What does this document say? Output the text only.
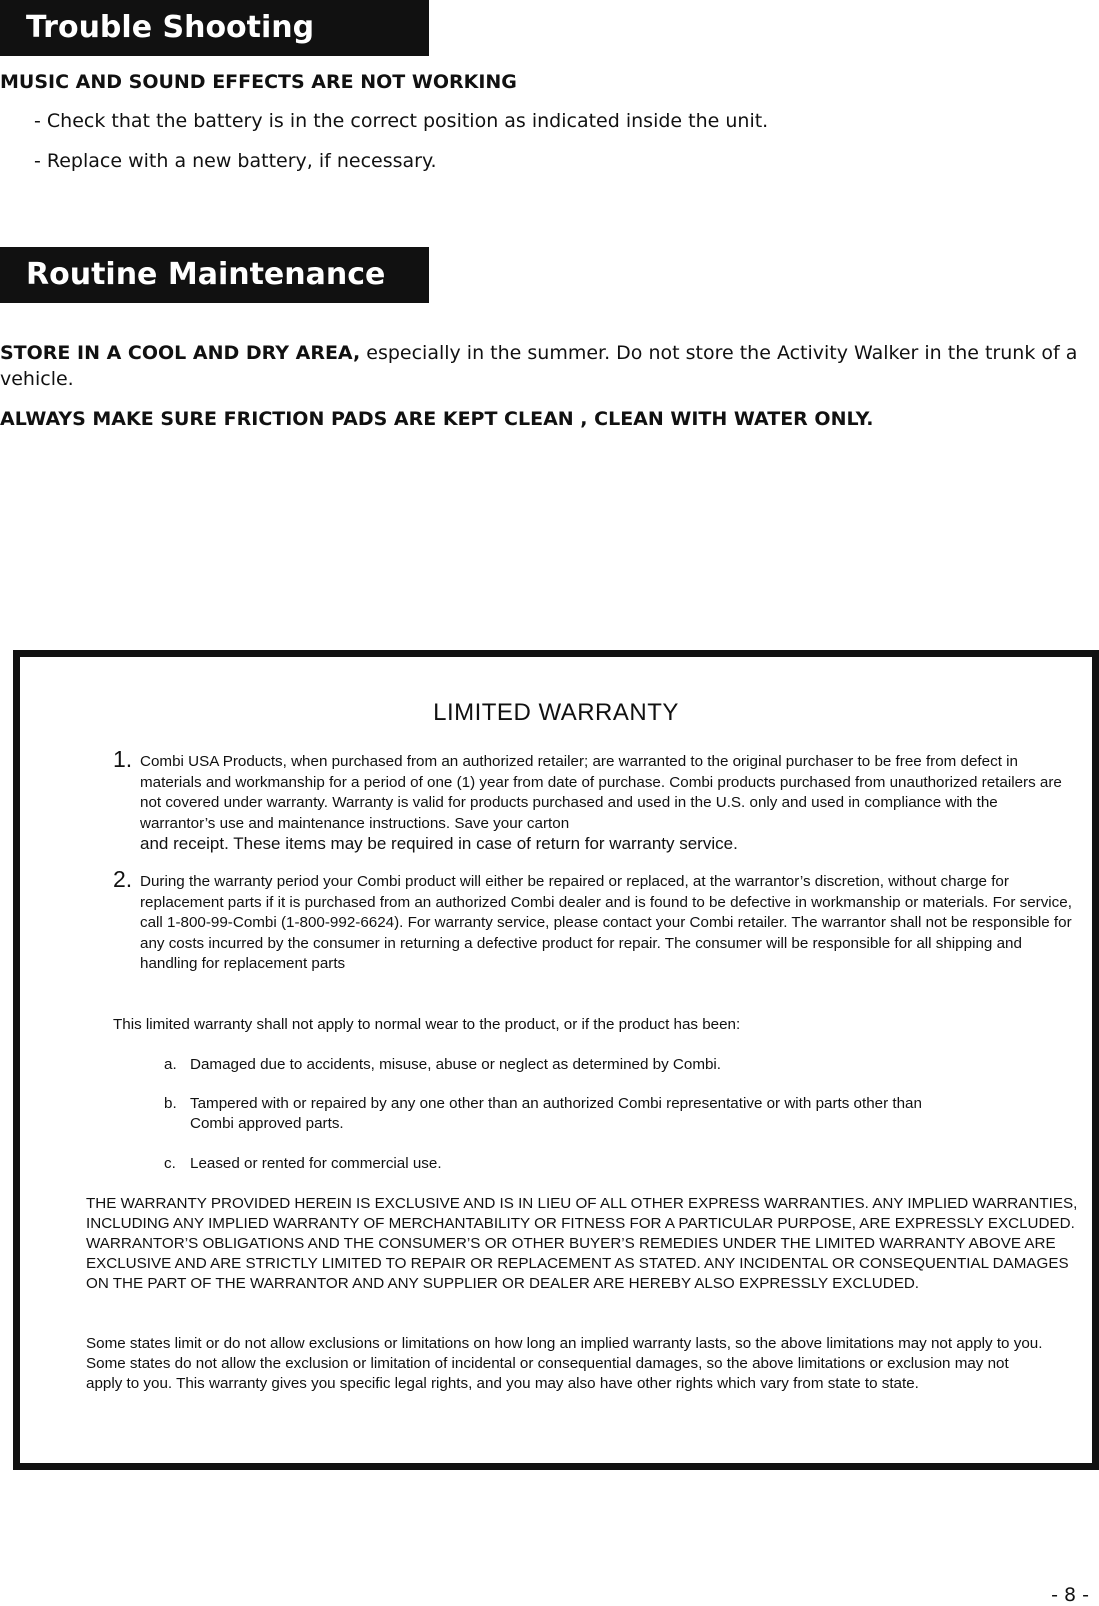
Trouble Shooting

MUSIC AND SOUND EFFECTS ARE NOT WORKING

- Check that the battery is in the correct position as indicated inside the unit.

- Replace with a new battery, if necessary.

Routine Maintenance

STORE IN A COOL AND DRY AREA, especially in the summer. Do not store the Activity Walker in the trunk of a vehicle.

ALWAYS MAKE SURE FRICTION PADS ARE KEPT CLEAN , CLEAN WITH WATER ONLY.

LIMITED WARRANTY

1. Combi USA Products, when purchased from an authorized retailer; are warranted to the original purchaser to be free from defect in materials and workmanship for a period of one (1) year from date of purchase. Combi products purchased from unauthorized retailers are not covered under warranty. Warranty is valid for products purchased and used in the U.S. only and used in compliance with the warrantor’s use and maintenance instructions. Save your carton
and receipt. These items may be required in case of return for warranty service.

2. During the warranty period your Combi product will either be repaired or replaced, at the warrantor’s discretion, without charge for replacement parts if it is purchased from an authorized Combi dealer and is found to be defective in workmanship or materials. For service, call 1-800-99-Combi (1-800-992-6624). For warranty service, please contact your Combi retailer. The warrantor shall not be responsible for any costs incurred by the consumer in returning a defective product for repair. The consumer will be responsible for all shipping and handling for replacement parts

This limited warranty shall not apply to normal wear to the product, or if the product has been:

a. Damaged due to accidents, misuse, abuse or neglect as determined by Combi.

b. Tampered with or repaired by any one other than an authorized Combi representative or with parts other than Combi approved parts.

c. Leased or rented for commercial use.

THE WARRANTY PROVIDED HEREIN IS EXCLUSIVE AND IS IN LIEU OF ALL OTHER EXPRESS WARRANTIES. ANY IMPLIED WARRANTIES, INCLUDING ANY IMPLIED WARRANTY OF MERCHANTABILITY OR FITNESS FOR A PARTICULAR PURPOSE, ARE EXPRESSLY EXCLUDED. WARRANTOR’S OBLIGATIONS AND THE CONSUMER’S OR OTHER BUYER’S REMEDIES UNDER THE LIMITED WARRANTY ABOVE ARE EXCLUSIVE AND ARE STRICTLY LIMITED TO REPAIR OR REPLACEMENT AS STATED. ANY INCIDENTAL OR CONSEQUENTIAL DAMAGES ON THE PART OF THE WARRANTOR AND ANY SUPPLIER OR DEALER ARE HEREBY ALSO EXPRESSLY EXCLUDED.

Some states limit or do not allow exclusions or limitations on how long an implied warranty lasts, so the above limitations may not apply to you. Some states do not allow the exclusion or limitation of incidental or consequential damages, so the above limitations or exclusion may not apply to you. This warranty gives you specific legal rights, and you may also have other rights which vary from state to state.

- 8 -
